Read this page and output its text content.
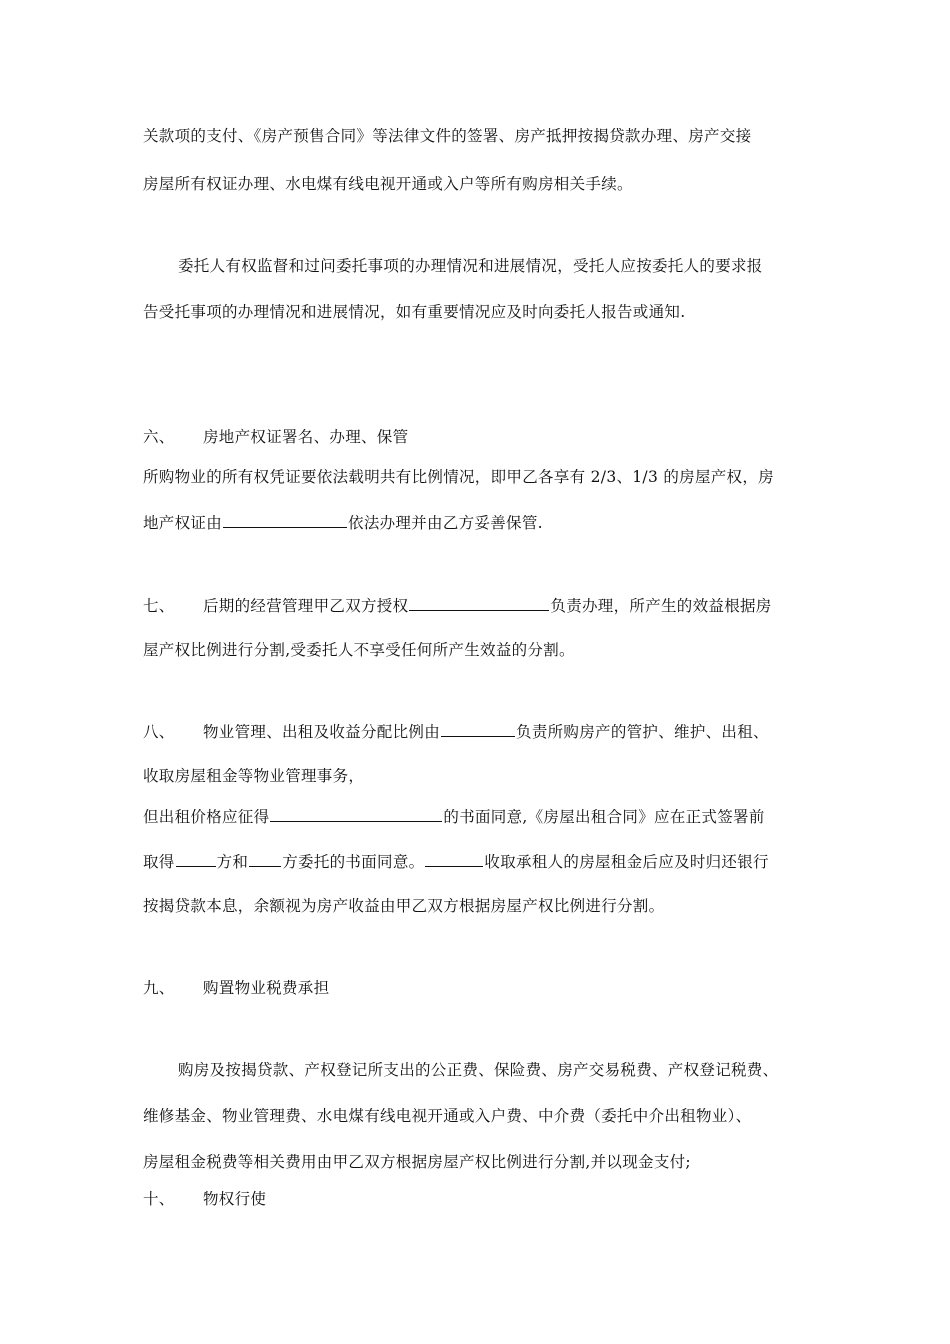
关款项的支付、《房产预售合同》等法律文件的签署、房产抵押按揭贷款办理、房产交接
房屋所有权证办理、水电煤有线电视开通或入户等所有购房相关手续。
委托人有权监督和过问委托事项的办理情况和进展情况，受托人应按委托人的要求报
告受托事项的办理情况和进展情况，如有重要情况应及时向委托人报告或通知.
六、 房地产权证署名、办理、保管
所购物业的所有权凭证要依法载明共有比例情况，即甲乙各享有 2/3、1/3 的房屋产权，房
地产权证由	依法办理并由乙方妥善保管.
七、 后期的经营管理甲乙双方授权	负责办理，所产生的效益根据房
屋产权比例进行分割,受委托人不享受任何所产生效益的分割。
八、 物业管理、出租及收益分配比例由	负责所购房产的管护、维护、出租、
收取房屋租金等物业管理事务，
但出租价格应征得	的书面同意,《房屋出租合同》应在正式签署前
取得	方和 方委托的书面同意。	收取承租人的房屋租金后应及时归还银行
按揭贷款本息，余额视为房产收益由甲乙双方根据房屋产权比例进行分割。
九、 购置物业税费承担
购房及按揭贷款、产权登记所支出的公正费、保险费、房产交易税费、产权登记税费、
维修基金、物业管理费、水电煤有线电视开通或入户费、中介费（委托中介出租物业）、
房屋租金税费等相关费用由甲乙双方根据房屋产权比例进行分割,并以现金支付;
十、 物权行使
